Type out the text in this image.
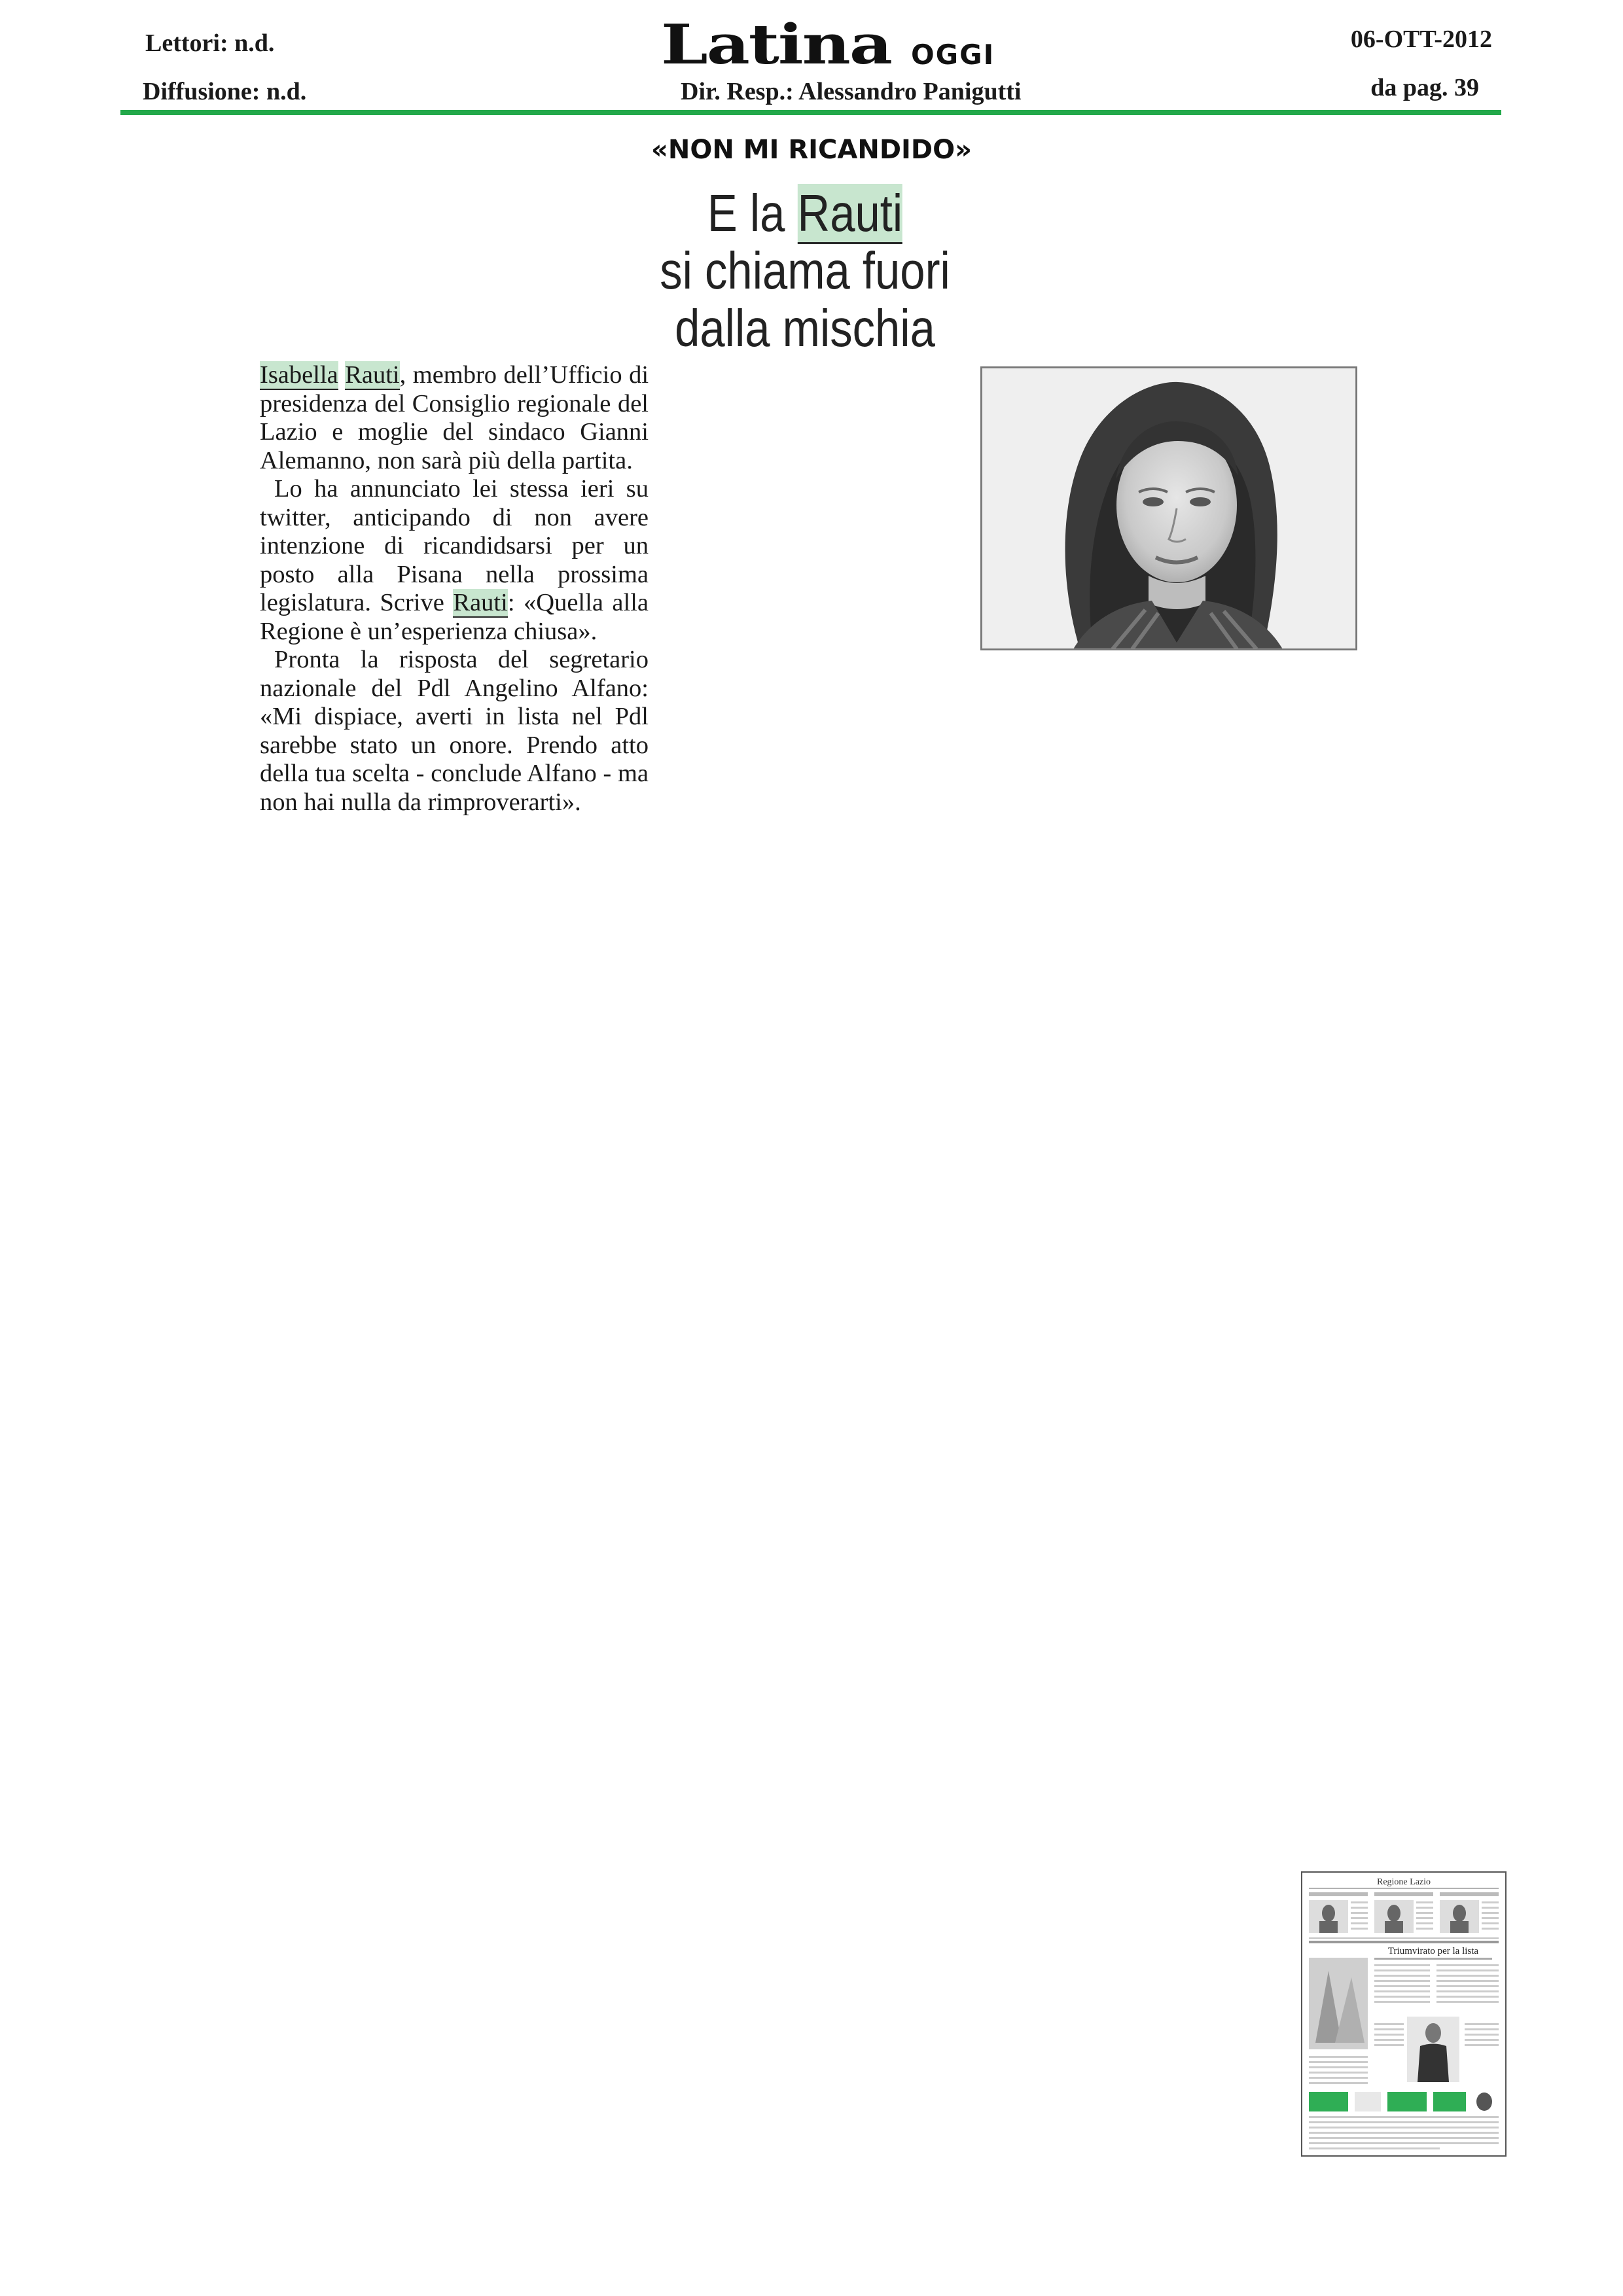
Lettori: n.d.
Diffusione: n.d.	Dir. Resp.: Alessandro Panigutti
06-OTT-2012
da pag. 39
Latina OGGI
«NON MI RICANDIDO»
E la Rauti
si chiama fuori
dalla mischia

Isabella Rauti, membro dell’Ufficio di presidenza del Consiglio regionale del Lazio e moglie del sindaco Gianni Alemanno, non sarà più della partita.

Lo ha annunciato lei stessa ieri su twitter, anticipando di non avere intenzione di ricandidsarsi per un posto alla Pisana nella prossima legislatura. Scrive Rauti: «Quella alla Regione è un’esperienza chiusa».

Pronta la risposta del segretario nazionale del Pdl Angelino Alfano: «Mi dispiace, averti in lista nel Pdl sarebbe stato un onore. Prendo atto della tua scelta - conclude Alfano - ma non hai nulla da rimproverarti».

Regione Lazio
Triumvirato per la lista
